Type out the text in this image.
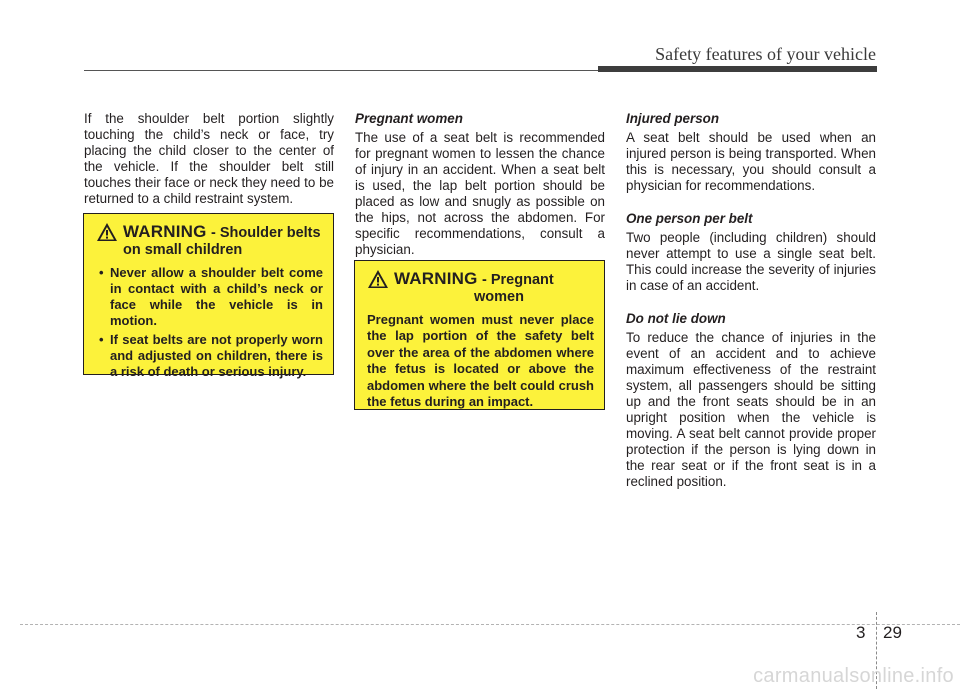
Safety features of your vehicle

If the shoulder belt portion slightly touching the child’s neck or face, try placing the child closer to the center of the vehicle. If the shoulder belt still touches their face or neck they need to be returned to a child restraint system.

WARNING - Shoulder belts
on small children
• Never allow a shoulder belt come in contact with a child’s neck or face while the vehicle is in motion.
• If seat belts are not properly worn and adjusted on children, there is a risk of death or serious injury.

Pregnant women

The use of a seat belt is recommended for pregnant women to lessen the chance of injury in an accident. When a seat belt is used, the lap belt portion should be placed as low and snugly as possible on the hips, not across the abdomen. For specific recommendations, consult a physician.

WARNING - Pregnant
women

Pregnant women must never place the lap portion of the safety belt over the area of the abdomen where the fetus is located or above the abdomen where the belt could crush the fetus during an impact.

Injured person

A seat belt should be used when an injured person is being transported. When this is necessary, you should consult a physician for recommendations.

One person per belt

Two people (including children) should never attempt to use a single seat belt. This could increase the severity of injuries in case of an accident.

Do not lie down

To reduce the chance of injuries in the event of an accident and to achieve maximum effectiveness of the restraint system, all passengers should be sitting up and the front seats should be in an upright position when the vehicle is moving. A seat belt cannot provide proper protection if the person is lying down in the rear seat or if the front seat is in a reclined position.

3 29
carmanualsonline.info
